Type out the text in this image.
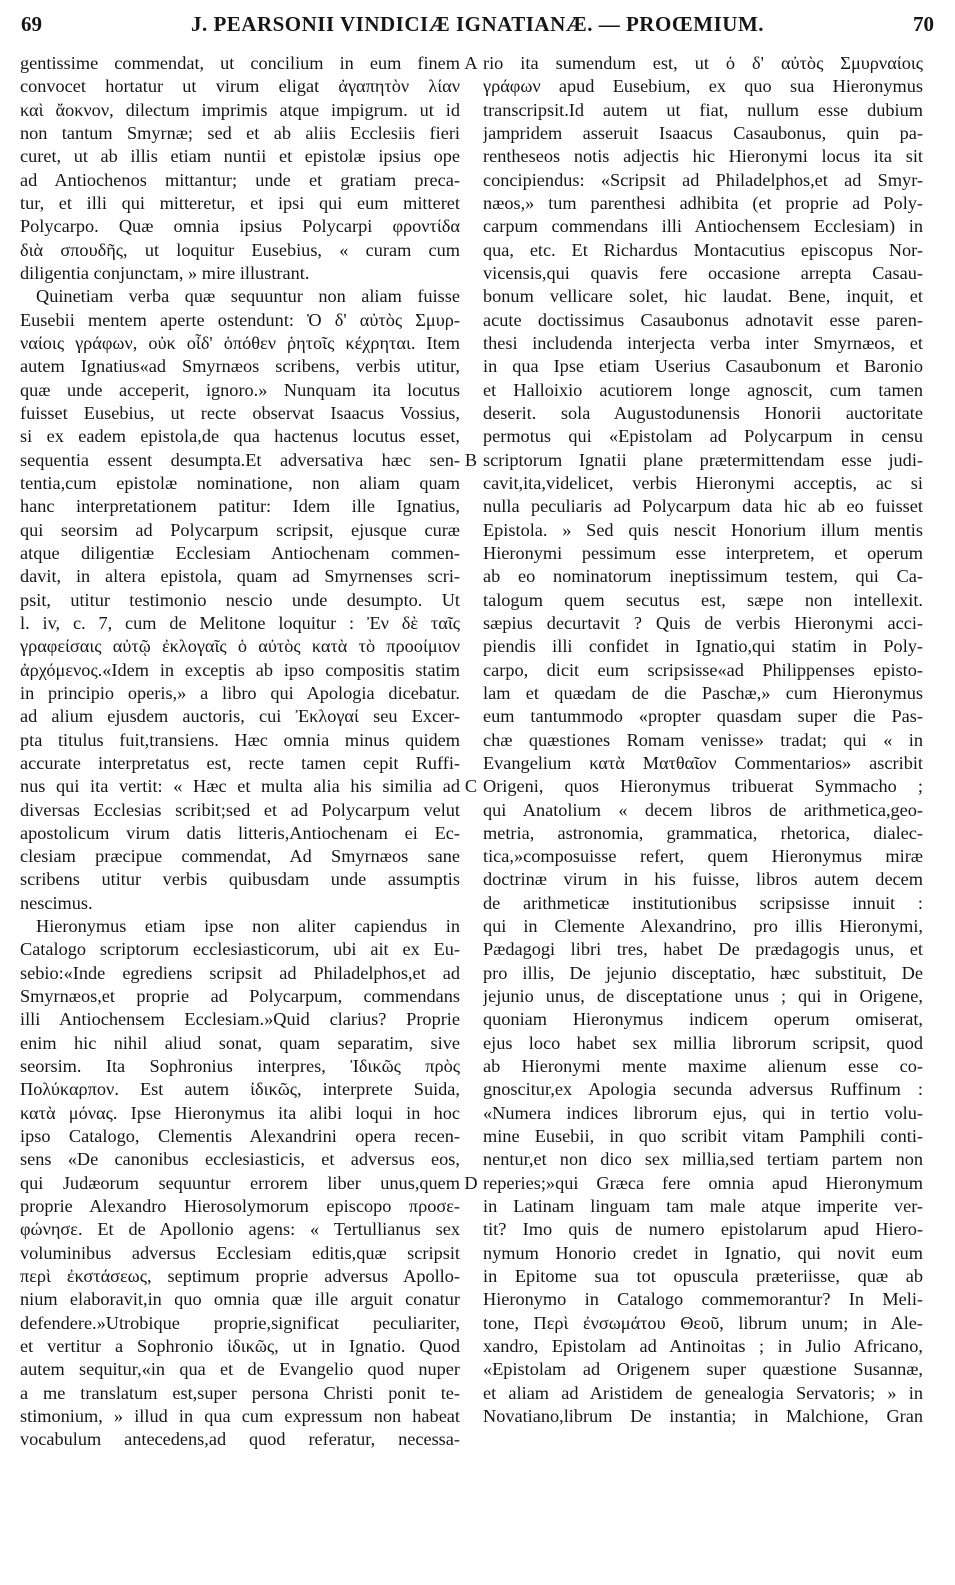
69	J. PEARSONII VINDICIÆ IGNATIANÆ. — PROŒMIUM.	70
gentissime commendat, ut concilium in eum finem
convocet hortatur ut virum eligat ἀγαπητὸν λίαν
καὶ ἄοκνον, dilectum imprimis atque impigrum. ut id
non tantum Smyrnæ; sed et ab aliis Ecclesiis fieri
curet, ut ab illis etiam nuntii et epistolæ ipsius ope
ad Antiochenos mittantur; unde et gratiam preca-
tur, et illi qui mitteretur, et ipsi qui eum mitteret
Polycarpo. Quæ omnia ipsius Polycarpi φροντίδα
διὰ σπουδῆς, ut loquitur Eusebius, « curam cum
diligentia conjunctam, » mire illustrant.
Quinetiam verba quæ sequuntur non aliam fuisse
Eusebii mentem aperte ostendunt: Ὁ δ' αὐτὸς Σμυρ-
ναίοις γράφων, οὐκ οἶδ' ὁπόθεν ῥητοῖς κέχρηται. Item
autem Ignatius«ad Smyrnæos scribens, verbis utitur,
quæ unde acceperit, ignoro.» Nunquam ita locutus
fuisset Eusebius, ut recte observat Isaacus Vossius,
si ex eadem epistola,de qua hactenus locutus esset,
sequentia essent desumpta.Et adversativa hæc sen-
tentia,cum epistolæ nominatione, non aliam quam
hanc interpretationem patitur: Idem ille Ignatius,
qui seorsim ad Polycarpum scripsit, ejusque curæ
atque diligentiæ Ecclesiam Antiochenam commen-
davit, in altera epistola, quam ad Smyrnenses scri-
psit, utitur testimonio nescio unde desumpto. Ut
l. iv, c. 7, cum de Melitone loquitur : Ἐν δὲ ταῖς
γραφείσαις αὐτῷ ἐκλογαῖς ὁ αὐτὸς κατὰ τὸ προοίμιον
ἀρχόμενος.«Idem in exceptis ab ipso compositis statim
in principio operis,» a libro qui Apologia dicebatur.
ad alium ejusdem auctoris, cui Ἐκλογαί seu Excer-
pta titulus fuit,transiens. Hæc omnia minus quidem
accurate interpretatus est, recte tamen cepit Ruffi-
nus qui ita vertit: « Hæc et multa alia his similia ad
diversas Ecclesias scribit;sed et ad Polycarpum velut
apostolicum virum datis litteris,Antiochenam ei Ec-
clesiam præcipue commendat, Ad Smyrnæos sane
scribens utitur verbis quibusdam unde assumptis
nescimus.
Hieronymus etiam ipse non aliter capiendus in
Catalogo scriptorum ecclesiasticorum, ubi ait ex Eu-
sebio:«Inde egrediens scripsit ad Philadelphos,et ad
Smyrnæos,et proprie ad Polycarpum, commendans
illi Antiochensem Ecclesiam.»Quid clarius? Proprie
enim hic nihil aliud sonat, quam separatim, sive
seorsim. Ita Sophronius interpres, Ἰδικῶς πρὸς
Πολύκαρπον. Est autem ἰδικῶς, interprete Suida,
κατὰ μόνας. Ipse Hieronymus ita alibi loqui in hoc
ipso Catalogo, Clementis Alexandrini opera recen-
sens «De canonibus ecclesiasticis, et adversus eos,
qui Judæorum sequuntur errorem liber unus,quem
proprie Alexandro Hierosolymorum episcopo προσε-
φώνησε. Et de Apollonio agens: « Tertullianus sex
voluminibus adversus Ecclesiam editis,quæ scripsit
περὶ ἐκστάσεως, septimum proprie adversus Apollo-
nium elaboravit,in quo omnia quæ ille arguit conatur
defendere.»Utrobique proprie,significat peculiariter,
et vertitur a Sophronio ἰδικῶς, ut in Ignatio. Quod
autem sequitur,«in qua et de Evangelio quod nuper
a me translatum est,super persona Christi ponit te-
stimonium, » illud in qua cum expressum non habeat
vocabulum antecedens,ad quod referatur, necessa-
A
B
C
D
rio ita sumendum est, ut ὁ δ' αὐτὸς Σμυρναίοις
γράφων apud Eusebium, ex quo sua Hieronymus
transcripsit.Id autem ut fiat, nullum esse dubium
jampridem asseruit Isaacus Casaubonus, quin pa-
rentheseos notis adjectis hic Hieronymi locus ita sit
concipiendus: «Scripsit ad Philadelphos,et ad Smyr-
næos,» tum parenthesi adhibita (et proprie ad Poly-
carpum commendans illi Antiochensem Ecclesiam) in
qua, etc. Et Richardus Montacutius episcopus Nor-
vicensis,qui quavis fere occasione arrepta Casau-
bonum vellicare solet, hic laudat. Bene, inquit, et
acute doctissimus Casaubonus adnotavit esse paren-
thesi includenda interjecta verba inter Smyrnæos, et
in qua Ipse etiam Userius Casaubonum et Baronio
et Halloixio acutiorem longe agnoscit, cum tamen
deserit. sola Augustodunensis Honorii auctoritate
permotus qui «Epistolam ad Polycarpum in censu
scriptorum Ignatii plane prætermittendam esse judi-
cavit,ita,videlicet, verbis Hieronymi acceptis, ac si
nulla peculiaris ad Polycarpum data hic ab eo fuisset
Epistola. » Sed quis nescit Honorium illum mentis
Hieronymi pessimum esse interpretem, et operum
ab eo nominatorum ineptissimum testem, qui Ca-
talogum quem secutus est, sæpe non intellexit.
sæpius decurtavit ? Quis de verbis Hieronymi acci-
piendis illi confidet in Ignatio,qui statim in Poly-
carpo, dicit eum scripsisse«ad Philippenses episto-
lam et quædam de die Paschæ,» cum Hieronymus
eum tantummodo «propter quasdam super die Pas-
chæ quæstiones Romam venisse» tradat; qui « in
Evangelium κατὰ Ματθαῖον Commentarios» ascribit
Origeni, quos Hieronymus tribuerat Symmacho ;
qui Anatolium « decem libros de arithmetica,geo-
metria, astronomia, grammatica, rhetorica, dialec-
tica,»composuisse refert, quem Hieronymus miræ
doctrinæ virum in his fuisse, libros autem decem
de arithmeticæ institutionibus scripsisse innuit :
qui in Clemente Alexandrino, pro illis Hieronymi,
Pædagogi libri tres, habet De prædagogis unus, et
pro illis, De jejunio disceptatio, hæc substituit, De
jejunio unus, de disceptatione unus ; qui in Origene,
quoniam Hieronymus indicem operum omiserat,
ejus loco habet sex millia librorum scripsit, quod
ab Hieronymi mente maxime alienum esse co-
gnoscitur,ex Apologia secunda adversus Ruffinum :
«Numera indices librorum ejus, qui in tertio volu-
mine Eusebii, in quo scribit vitam Pamphili conti-
nentur,et non dico sex millia,sed tertiam partem non
reperies;»qui Græca fere omnia apud Hieronymum
in Latinam linguam tam male atque imperite ver-
tit? Imo quis de numero epistolarum apud Hiero-
nymum Honorio credet in Ignatio, qui novit eum
in Epitome sua tot opuscula præteriisse, quæ ab
Hieronymo in Catalogo commemorantur? In Meli-
tone, Περὶ ἐνσωμάτου Θεοῦ, librum unum; in Ale-
xandro, Epistolam ad Antinoitas ; in Julio Africano,
«Epistolam ad Origenem super quæstione Susannæ,
et aliam ad Aristidem de genealogia Servatoris; » in
Novatiano,librum De instantia; in Malchione, Gran
